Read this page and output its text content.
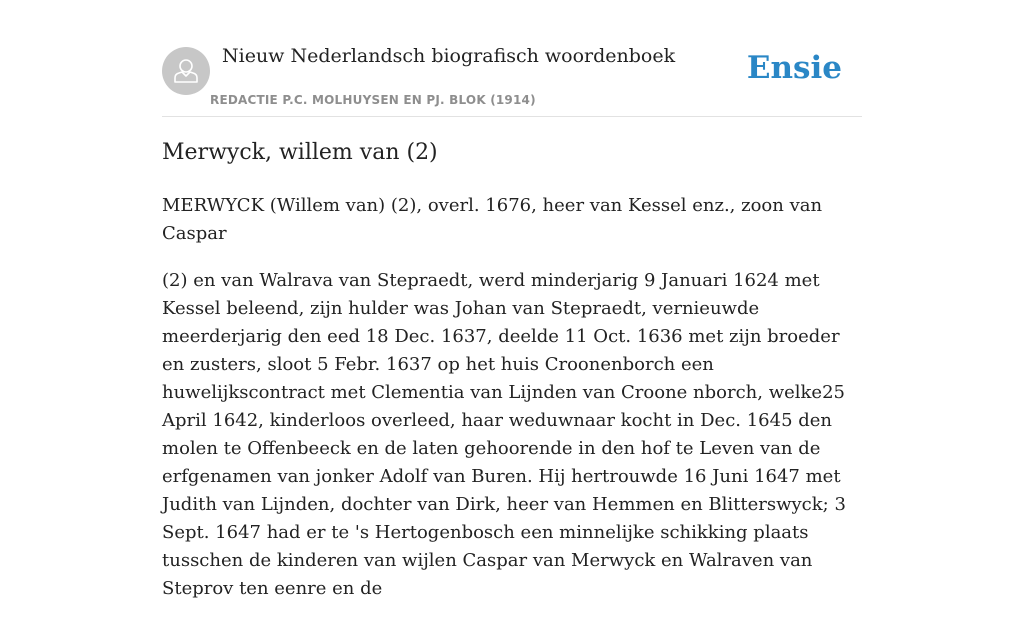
Nieuw Nederlandsch biografisch woordenboek
REDACTIE P.C. MOLHUYSEN EN PJ. BLOK (1914)
Ensie
Merwyck, willem van (2)

MERWYCK (Willem van) (2), overl. 1676, heer van Kessel enz., zoon van Caspar

(2) en van Walrava van Stepraedt, werd minderjarig 9 Januari 1624 met Kessel beleend, zijn hulder was Johan van Stepraedt, vernieuwde meerderjarig den eed 18 Dec. 1637, deelde 11 Oct. 1636 met zijn broeder en zusters, sloot 5 Febr. 1637 op het huis Croonenborch een huwelijkscontract met Clementia van Lijnden van Croone nborch, welke25 April 1642, kinderloos overleed, haar weduwnaar kocht in Dec. 1645 den molen te Offenbeeck en de laten gehoorende in den hof te Leven van de erfgenamen van jonker Adolf van Buren. Hij hertrouwde 16 Juni 1647 met Judith van Lijnden, dochter van Dirk, heer van Hemmen en Blitterswyck; 3 Sept. 1647 had er te 's Hertogenbosch een minnelijke schikking plaats tusschen de kinderen van wijlen Caspar van Merwyck en Walraven van Steprov ten eenre en de
